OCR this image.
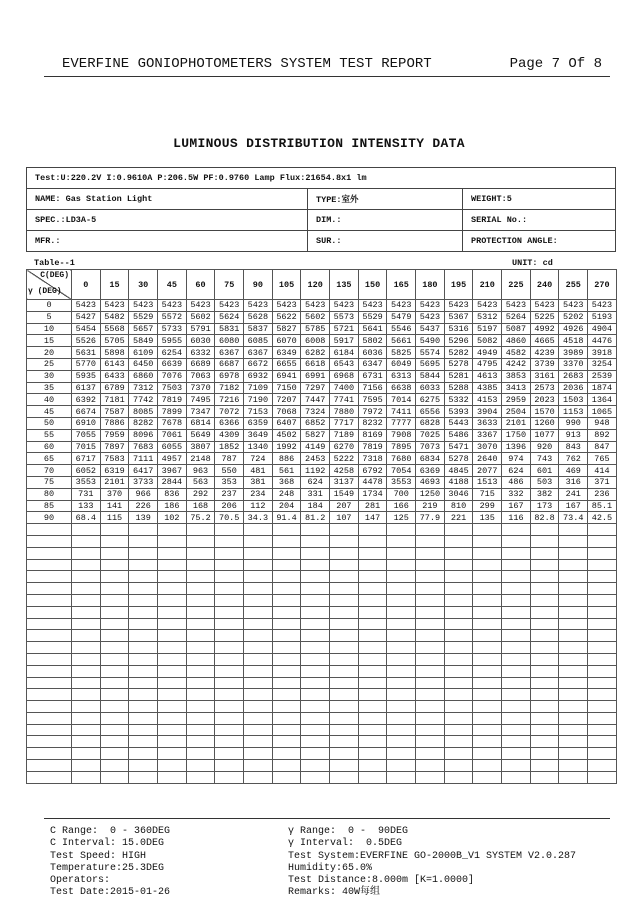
EVERFINE GONIOPHOTOMETERS SYSTEM TEST REPORT	Page 7 Of 8
LUMINOUS DISTRIBUTION INTENSITY DATA
Test:U:220.2V I:0.9610A P:206.5W PF:0.9760 Lamp Flux:21654.8x1 lm		
NAME: Gas Station Light	TYPE:室外	WEIGHT:5
SPEC.:LD3A-5	DIM.:	SERIAL No.:
MFR.:	SUR.:	PROTECTION ANGLE:
Table--1	UNIT: cd
C(DEG)
γ (DEG)	0	15	30	45	60	75	90	105	120	135	150	165	180	195	210	225	240	255	270
0	5423	5423	5423	5423	5423	5423	5423	5423	5423	5423	5423	5423	5423	5423	5423	5423	5423	5423	5423
5	5427	5482	5529	5572	5602	5624	5628	5622	5602	5573	5529	5479	5423	5367	5312	5264	5225	5202	5193
10	5454	5568	5657	5733	5791	5831	5837	5827	5785	5721	5641	5546	5437	5316	5197	5087	4992	4926	4904
15	5526	5705	5849	5955	6030	6080	6085	6070	6008	5917	5802	5661	5490	5296	5082	4860	4665	4518	4476
20	5631	5898	6109	6254	6332	6367	6367	6349	6282	6184	6036	5825	5574	5282	4949	4582	4239	3989	3918
25	5770	6143	6450	6639	6689	6687	6672	6655	6618	6543	6347	6049	5695	5278	4795	4242	3739	3370	3254
30	5935	6433	6860	7076	7063	6978	6932	6941	6991	6968	6731	6313	5844	5281	4613	3853	3161	2683	2539
35	6137	6789	7312	7503	7370	7182	7109	7150	7297	7400	7156	6638	6033	5288	4385	3413	2573	2036	1874
40	6392	7181	7742	7819	7495	7216	7190	7207	7447	7741	7595	7014	6275	5332	4153	2959	2023	1503	1364
45	6674	7587	8085	7899	7347	7072	7153	7068	7324	7880	7972	7411	6556	5393	3904	2504	1570	1153	1065
50	6910	7886	8282	7678	6814	6366	6359	6407	6852	7717	8232	7777	6828	5443	3633	2101	1260	990	948
55	7055	7959	8096	7061	5649	4309	3649	4502	5827	7189	8169	7908	7025	5486	3367	1750	1077	913	892
60	7015	7897	7683	6055	3807	1852	1340	1992	4149	6270	7819	7895	7073	5471	3070	1396	920	843	847
65	6717	7583	7111	4957	2148	787	724	886	2453	5222	7318	7680	6834	5278	2640	974	743	762	765
70	6052	6319	6417	3967	963	550	481	561	1192	4258	6792	7054	6369	4845	2077	624	601	469	414
75	3553	2101	3733	2844	563	353	381	368	624	3137	4478	3553	4693	4188	1513	486	503	316	371
80	731	370	966	836	292	237	234	248	331	1549	1734	700	1250	3046	715	332	382	241	236
85	133	141	226	186	168	206	112	204	184	207	281	166	219	810	299	167	173	167	85.1
90	68.4	115	139	102	75.2	70.5	34.3	91.4	81.2	107	147	125	77.9	221	135	116	82.8	73.4	42.5

C Range:  0 - 360DEG
C Interval: 15.0DEG
Test Speed: HIGH
Temperature:25.3DEG
Operators:
Test Date:2015-01-26
γ Range:  0 -  90DEG
γ Interval:  0.5DEG
Test System:EVERFINE GO-2000B_V1 SYSTEM V2.0.287
Humidity:65.0%
Test Distance:8.000m [K=1.0000]
Remarks: 40W每组
